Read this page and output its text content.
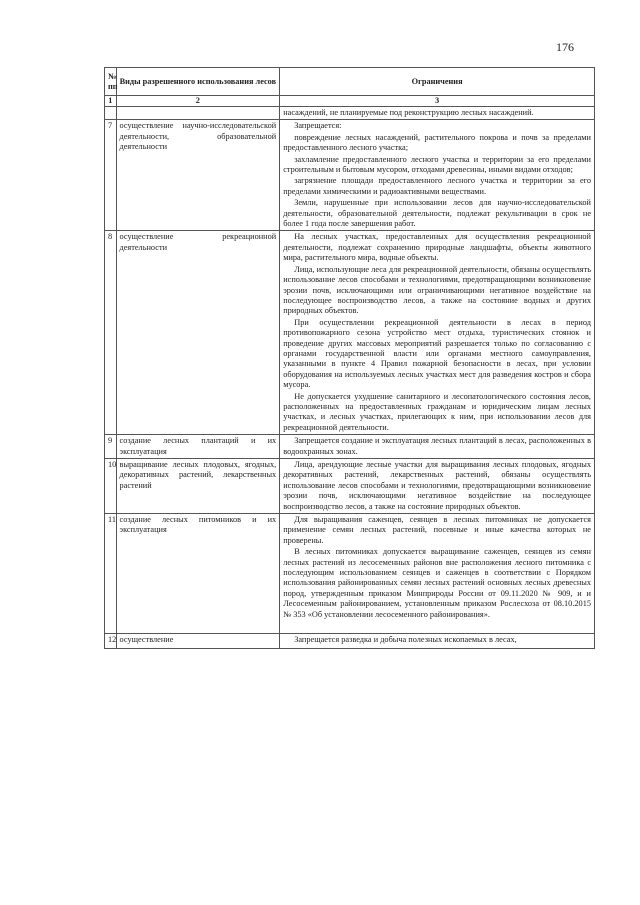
176
№ пп	Виды разрешенного использования лесов	Ограничения
1	2	3

		насаждений, не планируемые под реконструкцию лесных насаждений.

7	осуществление научно-исследовательской деятельности, образовательной деятельности	Запрещается:

повреждение лесных насаждений, растительного покрова и почв за пределами предоставленного лесного участка;

захламление предоставленного лесного участка и территории за его пределами строительным и бытовым мусором, отходами древесины, иными видами отходов;

загрязнение площади предоставленного лесного участка и территории за его пределами химическими и радиоактивными веществами.

Земли, нарушенные при использовании лесов для научно-исследовательской деятельности, образовательной деятельности, подлежат рекультивации в срок не более 1 года после завершения работ.

8	осуществление рекреационной деятельности	На лесных участках, предоставленных для осуществления рекреационной деятельности, подлежат сохранению природные ландшафты, объекты животного мира, растительного мира, водные объекты.

Лица, использующие леса для рекреационной деятельности, обязаны осуществлять использование лесов способами и технологиями, предотвращающими возникновение эрозии почв, исключающими или ограничивающими негативное воздействие на последующее воспроизводство лесов, а также на состояние водных и других природных объектов.

При осуществлении рекреационной деятельности в лесах в период противопожарного сезона устройство мест отдыха, туристических стоянок и проведение других массовых мероприятий разрешается только по согласованию с органами государственной власти или органами местного самоуправления, указанными в пункте 4 Правил пожарной безопасности в лесах, при условии оборудования на используемых лесных участках мест для разведения костров и сбора мусора.

Не допускается ухудшение санитарного и лесопатологического состояния лесов, расположенных на предоставленных гражданам и юридическим лицам лесных участках, и лесных участках, прилегающих к ним, при использовании лесов для рекреационной деятельности.

9	создание лесных плантаций и их эксплуатация	Запрещается создание и эксплуатация лесных плантаций в лесах, расположенных в водоохранных зонах.

10	выращивание лесных плодовых, ягодных, декоративных растений, лекарственных растений	Лица, арендующие лесные участки для выращивания лесных плодовых, ягодных декоративных растений, лекарственных растений, обязаны осуществлять использование лесов способами и технологиями, предотвращающими возникновение эрозии почв, исключающими негативное воздействие на последующее воспроизводство лесов, а также на состояние природных объектов.

11	создание лесных питомников и их эксплуатация	Для выращивания саженцев, сеянцев в лесных питомниках не допускается применение семян лесных растений, посевные и иные качества которых не проверены.

В лесных питомниках допускается выращивание саженцев, сеянцев из семян лесных растений из лесосеменных районов вне расположения лесного питомника с последующим использованием сеянцев и саженцев в соответствии с Порядком использования районированных семян лесных растений основных лесных древесных пород, утвержденным приказом Минприроды России от 09.11.2020 № 909, и и Лесосеменным районированием, установленным приказом Рослесхоза от 08.10.2015 № 353 «Об установлении лесосеменного районирования».

12	осуществление	Запрещается разведка и добыча полезных ископаемых в лесах,
